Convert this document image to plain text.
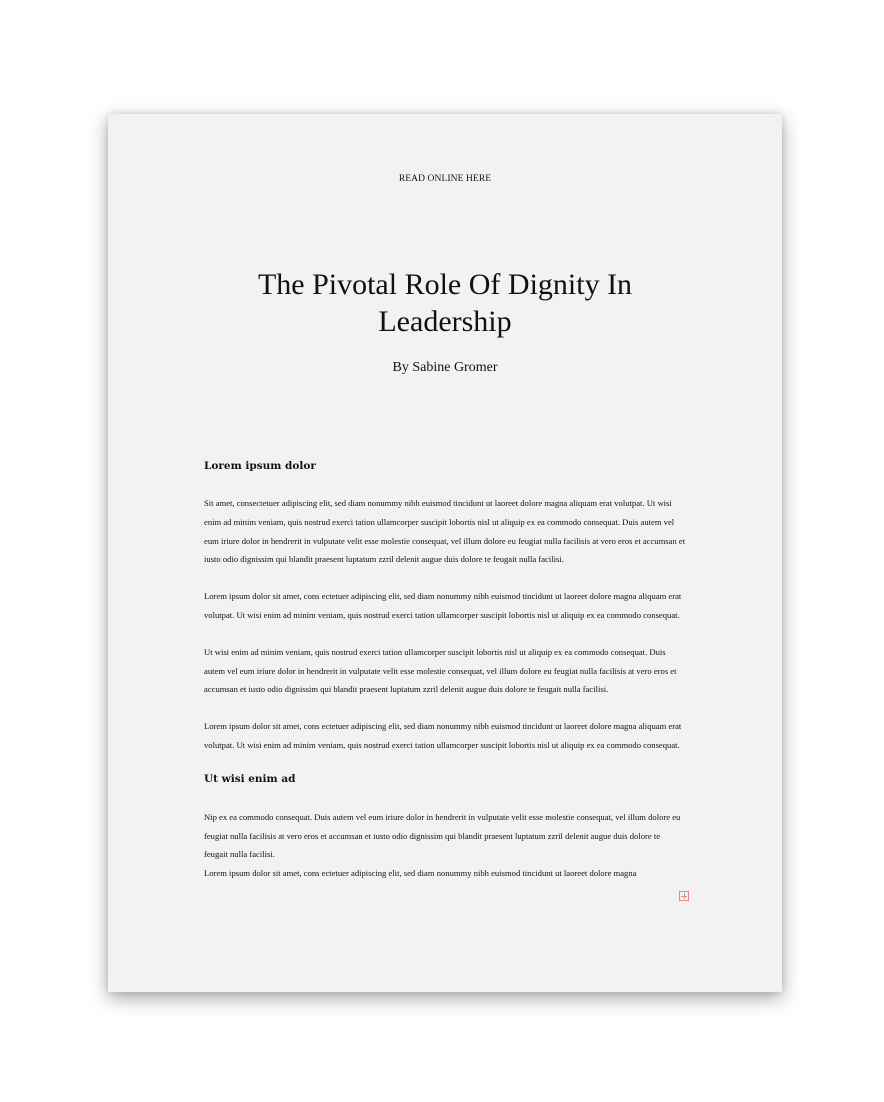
READ ONLINE HERE
The Pivotal Role Of Dignity In Leadership
By Sabine Gromer
Lorem ipsum dolor

Sit amet, consectetuer adipiscing elit, sed diam nonummy nibh euismod tincidunt ut laoreet dolore magna aliquam erat volutpat. Ut wisi enim ad minim veniam, quis nostrud exerci tation ullamcorper suscipit lobortis nisl ut aliquip ex ea commodo consequat. Duis autem vel eum iriure dolor in hendrerit in vulputate velit esse molestie consequat, vel illum dolore eu feugiat nulla facilisis at vero eros et accumsan et iusto odio dignissim qui blandit praesent luptatum zzril delenit augue duis dolore te feugait nulla facilisi.

Lorem ipsum dolor sit amet, cons ectetuer adipiscing elit, sed diam nonummy nibh euismod tincidunt ut laoreet dolore magna aliquam erat volutpat. Ut wisi enim ad minim veniam, quis nostrud exerci tation ullamcorper suscipit lobortis nisl ut aliquip ex ea commodo consequat.

Ut wisi enim ad minim veniam, quis nostrud exerci tation ullamcorper suscipit lobortis nisl ut aliquip ex ea commodo consequat. Duis autem vel eum iriure dolor in hendrerit in vulputate velit esse molestie consequat, vel illum dolore eu feugiat nulla facilisis at vero eros et accumsan et iusto odio dignissim qui blandit praesent luptatum zzril delenit augue duis dolore te feugait nulla facilisi.

Lorem ipsum dolor sit amet, cons ectetuer adipiscing elit, sed diam nonummy nibh euismod tincidunt ut laoreet dolore magna aliquam erat volutpat. Ut wisi enim ad minim veniam, quis nostrud exerci tation ullamcorper suscipit lobortis nisl ut aliquip ex ea commodo consequat.

Ut wisi enim ad

Nip ex ea commodo consequat. Duis autem vel eum iriure dolor in hendrerit in vulputate velit esse molestie consequat, vel illum dolore eu feugiat nulla facilisis at vero eros et accumsan et iusto odio dignissim qui blandit praesent luptatum zzril delenit augue duis dolore te feugait nulla facilisi.

Lorem ipsum dolor sit amet, cons ectetuer adipiscing elit, sed diam nonummy nibh euismod tincidunt ut laoreet dolore magna
